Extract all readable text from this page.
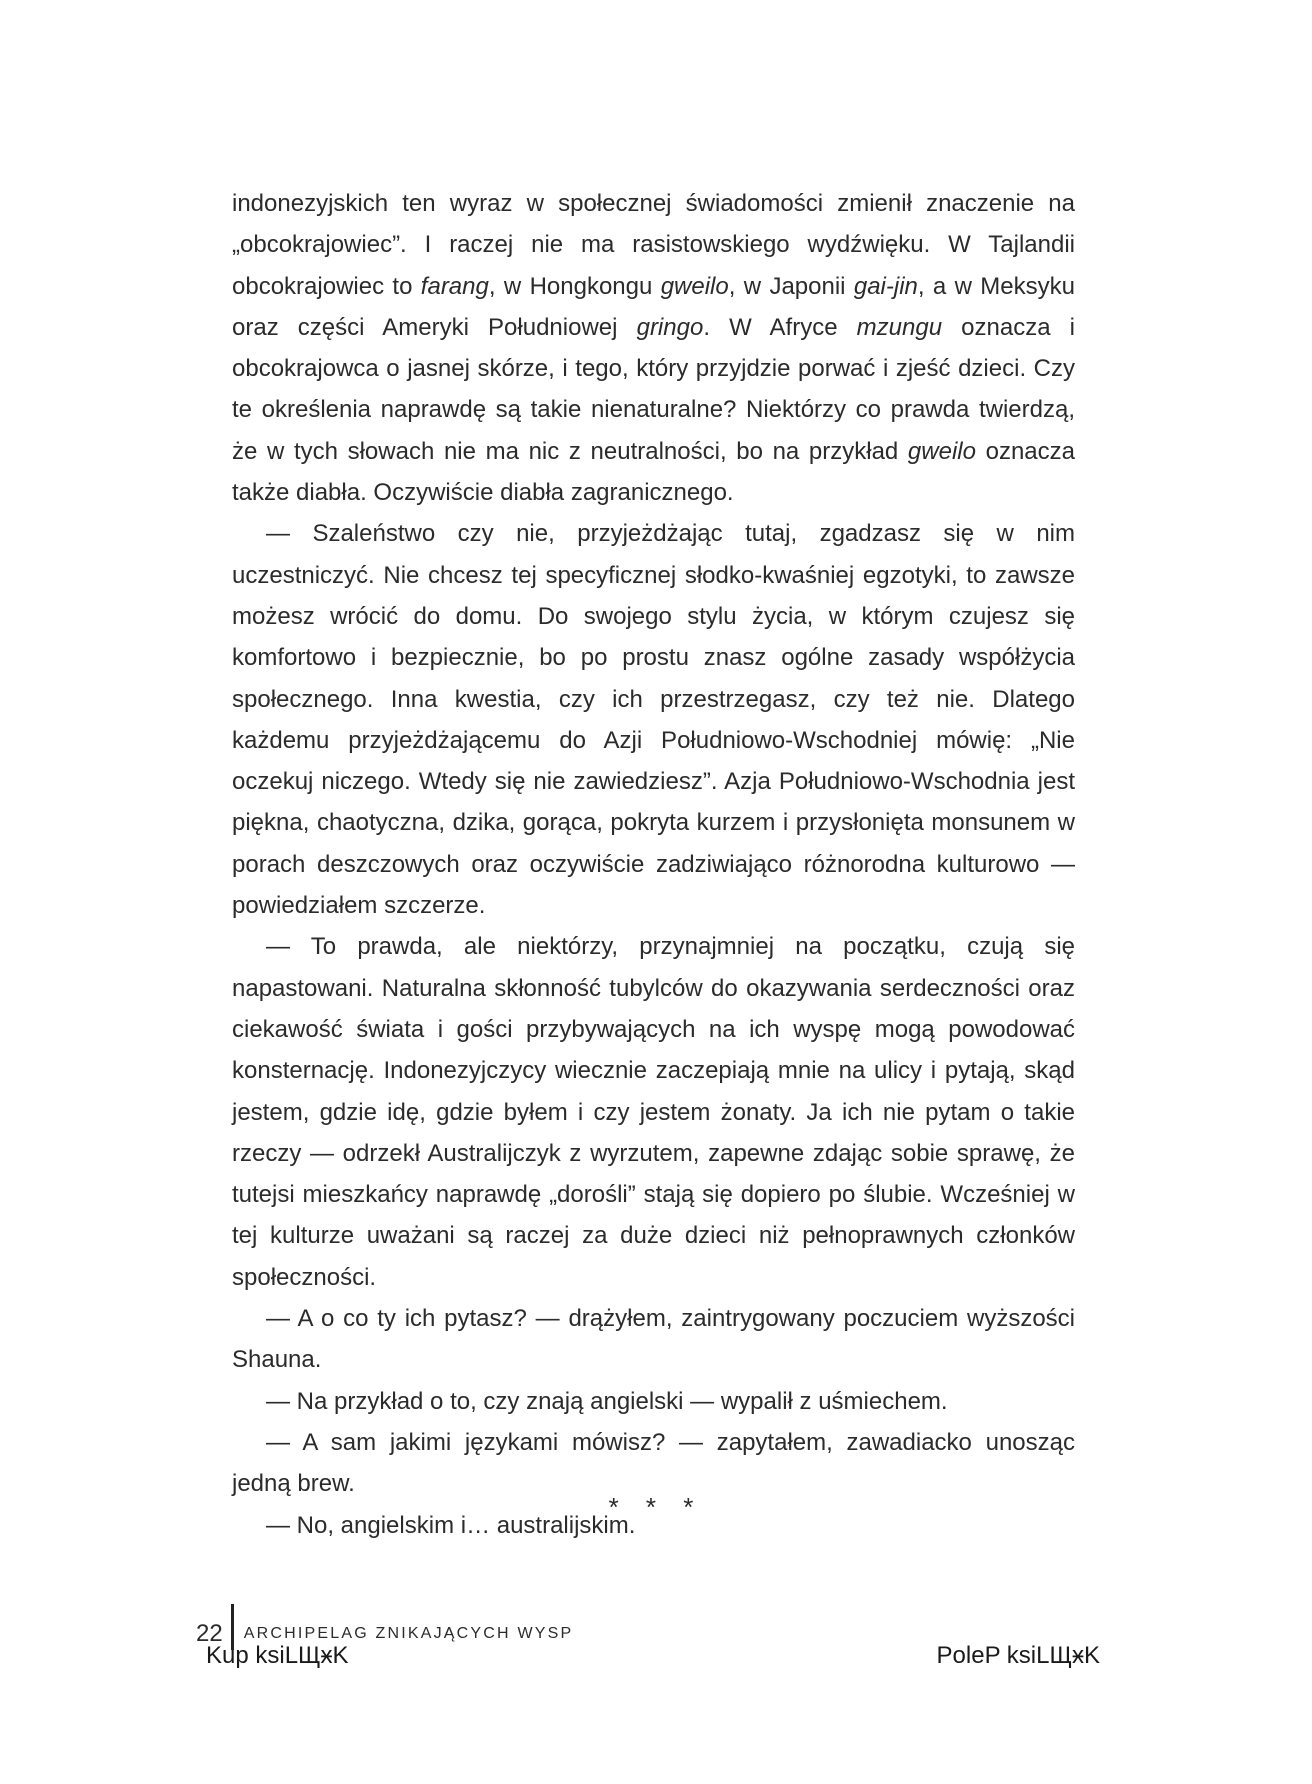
indonezyjskich ten wyraz w społecznej świadomości zmienił znaczenie na „obcokrajowiec”. I raczej nie ma rasistowskiego wydźwięku. W Tajlandii obcokrajowiec to farang, w Hongkongu gweilo, w Japonii gai-jin, a w Meksyku oraz części Ameryki Południowej gringo. W Afryce mzungu oznacza i obcokrajowca o jasnej skórze, i tego, który przyjdzie porwać i zjeść dzieci. Czy te określenia naprawdę są takie nienaturalne? Niektórzy co prawda twierdzą, że w tych słowach nie ma nic z neutralności, bo na przykład gweilo oznacza także diabła. Oczywiście diabła zagranicznego.

— Szaleństwo czy nie, przyjeżdżając tutaj, zgadzasz się w nim uczestniczyć. Nie chcesz tej specyficznej słodko-kwaśniej egzotyki, to zawsze możesz wrócić do domu. Do swojego stylu życia, w którym czujesz się komfortowo i bezpiecznie, bo po prostu znasz ogólne zasady współżycia społecznego. Inna kwestia, czy ich przestrzegasz, czy też nie. Dlatego każdemu przyjeżdżającemu do Azji Południowo-Wschodniej mówię: „Nie oczekuj niczego. Wtedy się nie zawiedziesz”. Azja Południowo-Wschodnia jest piękna, chaotyczna, dzika, gorąca, pokryta kurzem i przysłonięta monsunem w porach deszczowych oraz oczywiście zadziwiająco różnorodna kulturowo — powiedziałem szczerze.

— To prawda, ale niektórzy, przynajmniej na początku, czują się napastowani. Naturalna skłonność tubylców do okazywania serdeczności oraz ciekawość świata i gości przybywających na ich wyspę mogą powodować konsternację. Indonezyjczycy wiecznie zaczepiają mnie na ulicy i pytają, skąd jestem, gdzie idę, gdzie byłem i czy jestem żonaty. Ja ich nie pytam o takie rzeczy — odrzekł Australijczyk z wyrzutem, zapewne zdając sobie sprawę, że tutejsi mieszkańcy naprawdę „dorośli” stają się dopiero po ślubie. Wcześniej w tej kulturze uważani są raczej za duże dzieci niż pełnoprawnych członków społeczności.

— A o co ty ich pytasz? — drążyłem, zaintrygowany poczuciem wyższości Shauna.

— Na przykład o to, czy znają angielski — wypalił z uśmiechem.

— A sam jakimi językami mówisz? — zapytałem, zawadiacko unosząc jedną brew.

— No, angielskim i… australijskim.

* * *
22 ARCHIPELAG ZNIKAJĄCYCH WYSP
Kup ksiLЩӿK	PoleP ksiLЩӿK
